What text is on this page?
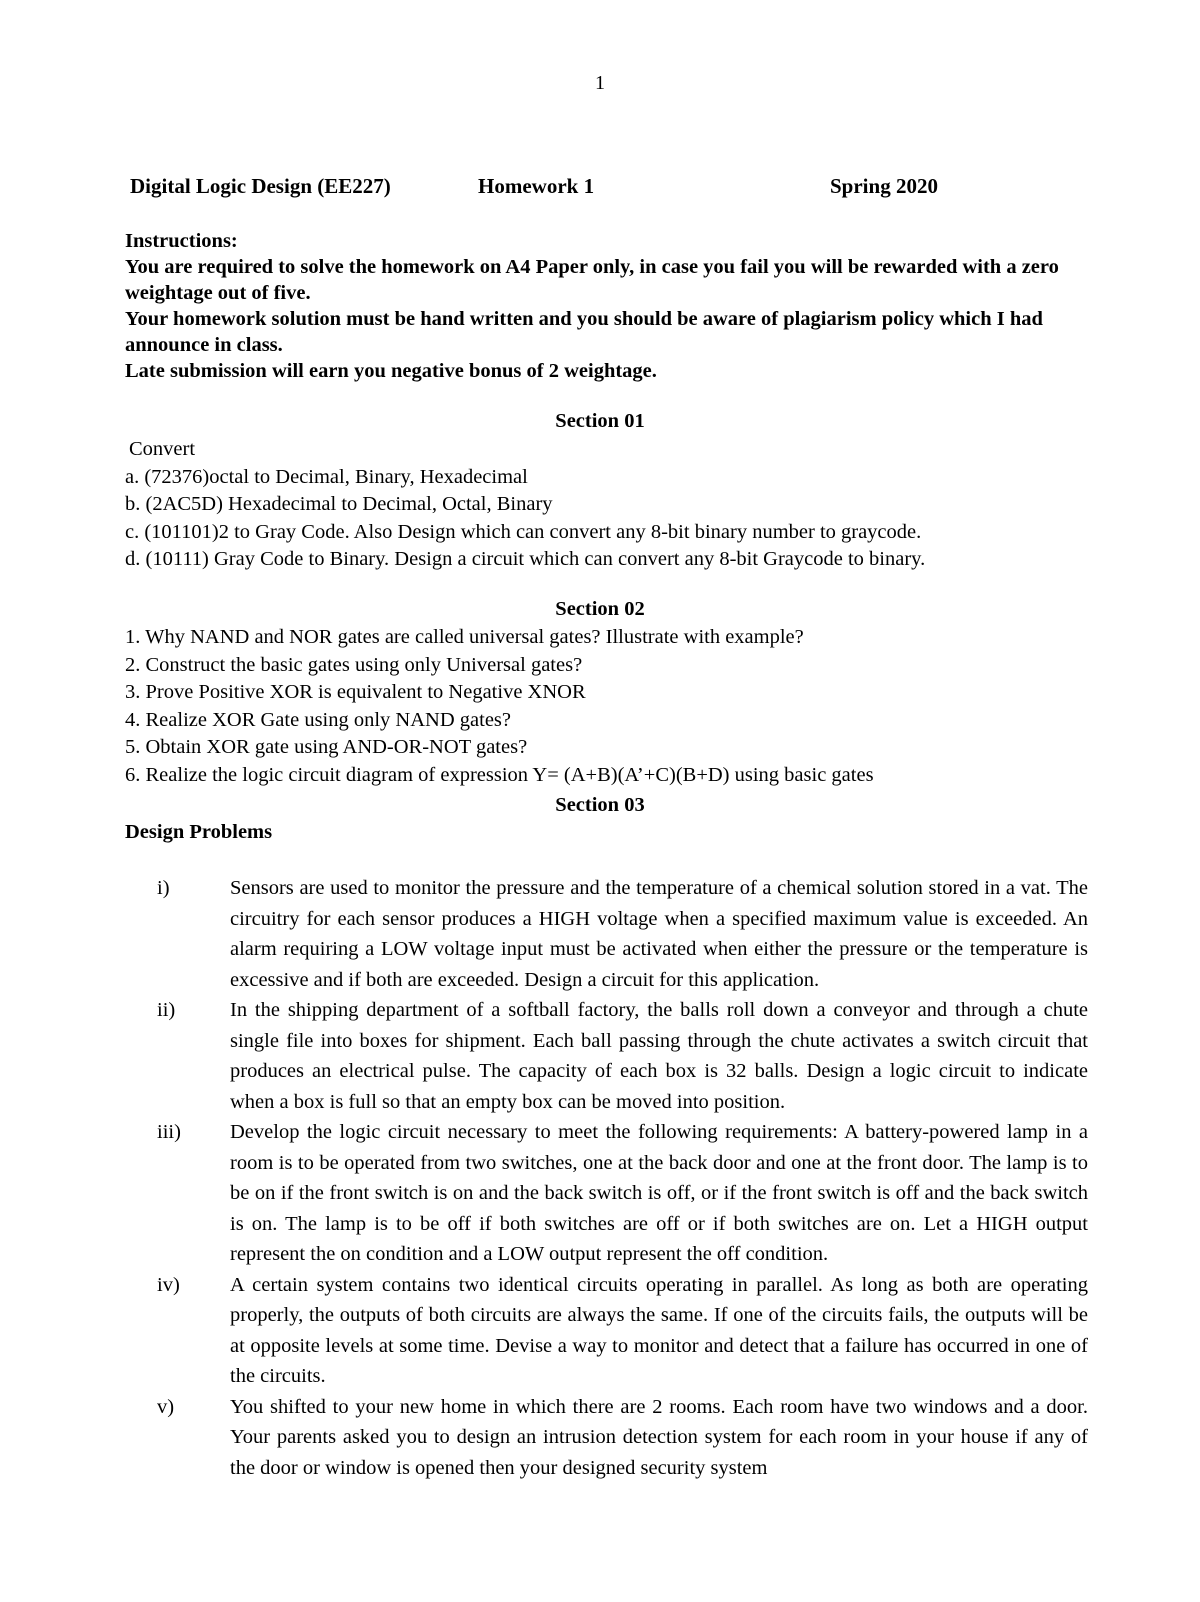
1
Digital Logic Design (EE227)	Homework 1	Spring 2020

Instructions:

You are required to solve the homework on A4 Paper only, in case you fail you will be rewarded with a zero weightage out of five.

Your homework solution must be hand written and you should be aware of plagiarism policy which I had announce in class.

Late submission will earn you negative bonus of 2 weightage.

Section 01

Convert

a. (72376)octal to Decimal, Binary, Hexadecimal

b. (2AC5D) Hexadecimal to Decimal, Octal, Binary

c. (101101)2 to Gray Code. Also Design which can convert any 8-bit binary number to graycode.

d. (10111) Gray Code to Binary. Design a circuit which can convert any 8-bit Graycode to binary.

Section 02

1. Why NAND and NOR gates are called universal gates? Illustrate with example?

2. Construct the basic gates using only Universal gates?

3. Prove Positive XOR is equivalent to Negative XNOR

4. Realize XOR Gate using only NAND gates?

5. Obtain XOR gate using AND-OR-NOT gates?

6. Realize the logic circuit diagram of expression Y= (A+B)(A’+C)(B+D) using basic gates

Section 03
Design Problems
i)	Sensors are used to monitor the pressure and the temperature of a chemical solution stored in a vat. The circuitry for each sensor produces a HIGH voltage when a specified maximum value is exceeded. An alarm requiring a LOW voltage input must be activated when either the pressure or the temperature is excessive and if both are exceeded. Design a circuit for this application.
ii)	In the shipping department of a softball factory, the balls roll down a conveyor and through a chute single file into boxes for shipment. Each ball passing through the chute activates a switch circuit that produces an electrical pulse. The capacity of each box is 32 balls. Design a logic circuit to indicate when a box is full so that an empty box can be moved into position.
iii)	Develop the logic circuit necessary to meet the following requirements: A battery-powered lamp in a room is to be operated from two switches, one at the back door and one at the front door. The lamp is to be on if the front switch is on and the back switch is off, or if the front switch is off and the back switch is on. The lamp is to be off if both switches are off or if both switches are on. Let a HIGH output represent the on condition and a LOW output represent the off condition.
iv)	A certain system contains two identical circuits operating in parallel. As long as both are operating properly, the outputs of both circuits are always the same. If one of the circuits fails, the outputs will be at opposite levels at some time. Devise a way to monitor and detect that a failure has occurred in one of the circuits.
v)	You shifted to your new home in which there are 2 rooms. Each room have two windows and a door. Your parents asked you to design an intrusion detection system for each room in your house if any of the door or window is opened then your designed security system
